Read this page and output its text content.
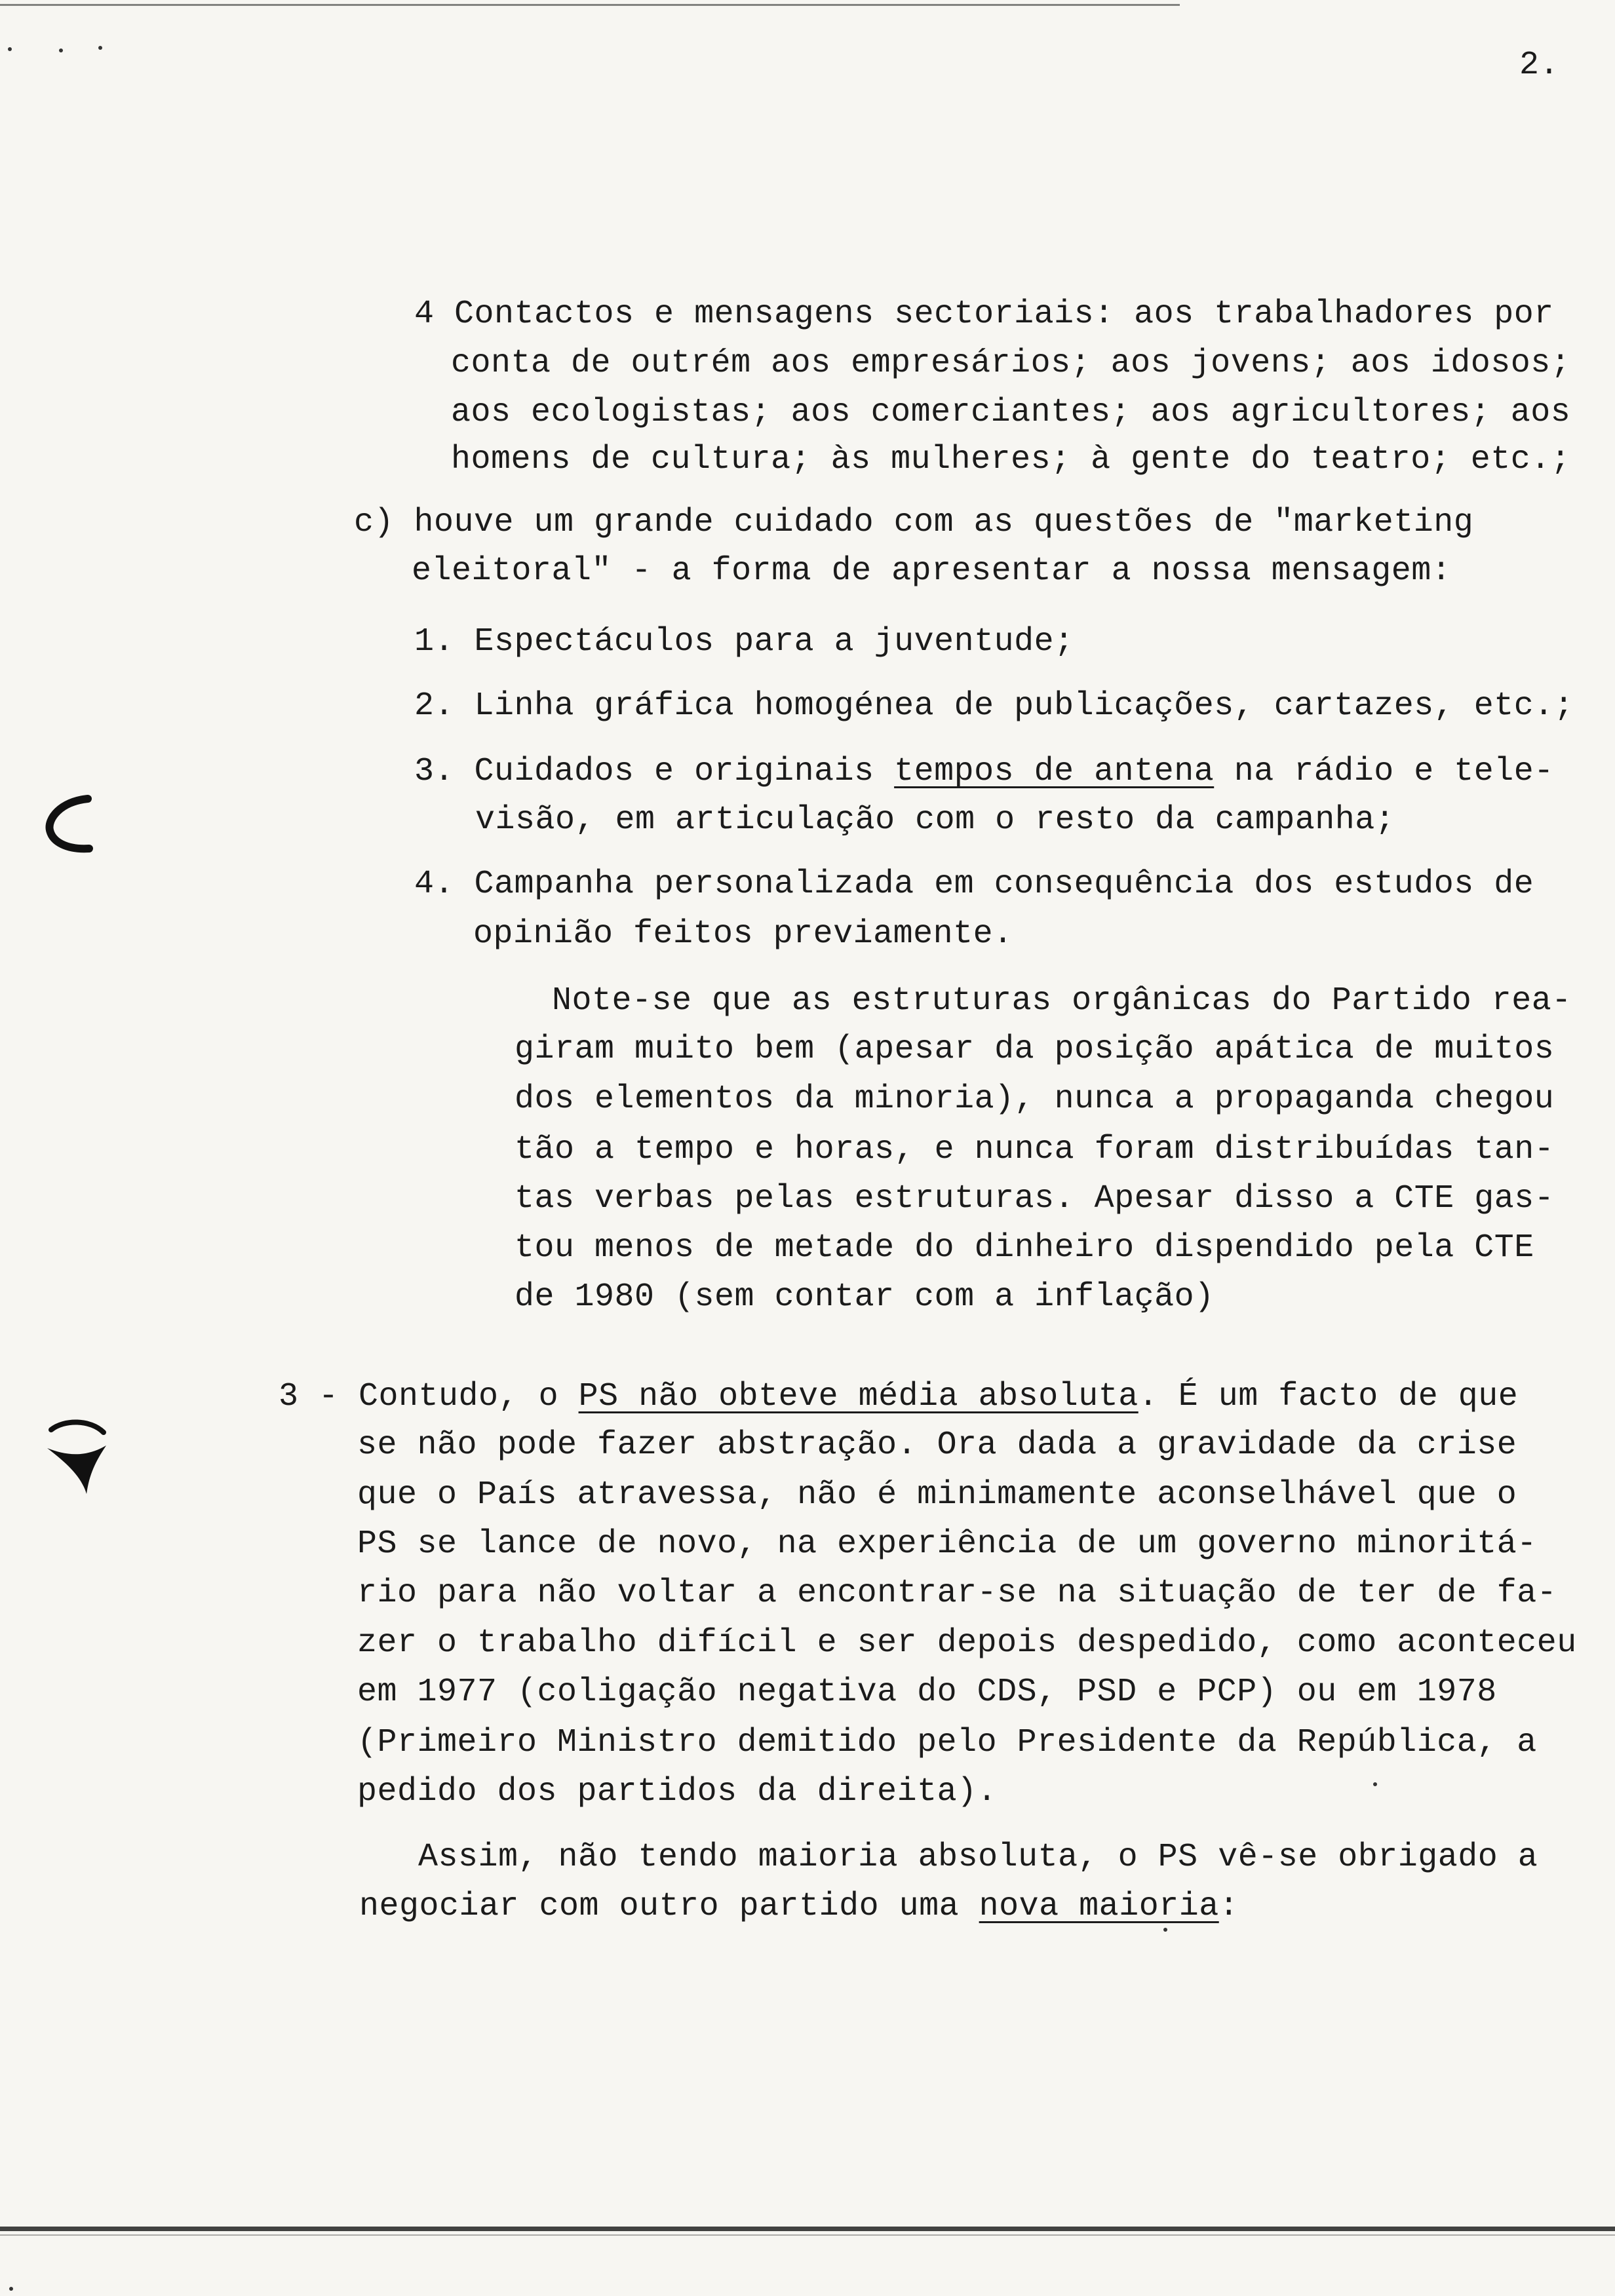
2.
4 Contactos e mensagens sectoriais: aos trabalhadores por
conta de outrém aos empresários; aos jovens; aos idosos;
aos ecologistas; aos comerciantes; aos agricultores; aos
homens de cultura; às mulheres; à gente do teatro; etc.;
c) houve um grande cuidado com as questões de "marketing
eleitoral" - a forma de apresentar a nossa mensagem:
1. Espectáculos para a juventude;
2. Linha gráfica homogénea de publicações, cartazes, etc.;
3. Cuidados e originais tempos de antena na rádio e tele-
visão, em articulação com o resto da campanha;
4. Campanha personalizada em consequência dos estudos de
opinião feitos previamente.
Note-se que as estruturas orgânicas do Partido rea-
giram muito bem (apesar da posição apática de muitos
dos elementos da minoria), nunca a propaganda chegou
tão a tempo e horas, e nunca foram distribuídas tan-
tas verbas pelas estruturas. Apesar disso a CTE gas-
tou menos de metade do dinheiro dispendido pela CTE
de 1980 (sem contar com a inflação)
3 - Contudo, o PS não obteve média absoluta. É um facto de que
se não pode fazer abstração. Ora dada a gravidade da crise
que o País atravessa, não é minimamente aconselhável que o
PS se lance de novo, na experiência de um governo minoritá-
rio para não voltar a encontrar-se na situação de ter de fa-
zer o trabalho difícil e ser depois despedido, como aconteceu
em 1977 (coligação negativa do CDS, PSD e PCP) ou em 1978
(Primeiro Ministro demitido pelo Presidente da República, a
pedido dos partidos da direita).
Assim, não tendo maioria absoluta, o PS vê-se obrigado a
negociar com outro partido uma nova maioria:
